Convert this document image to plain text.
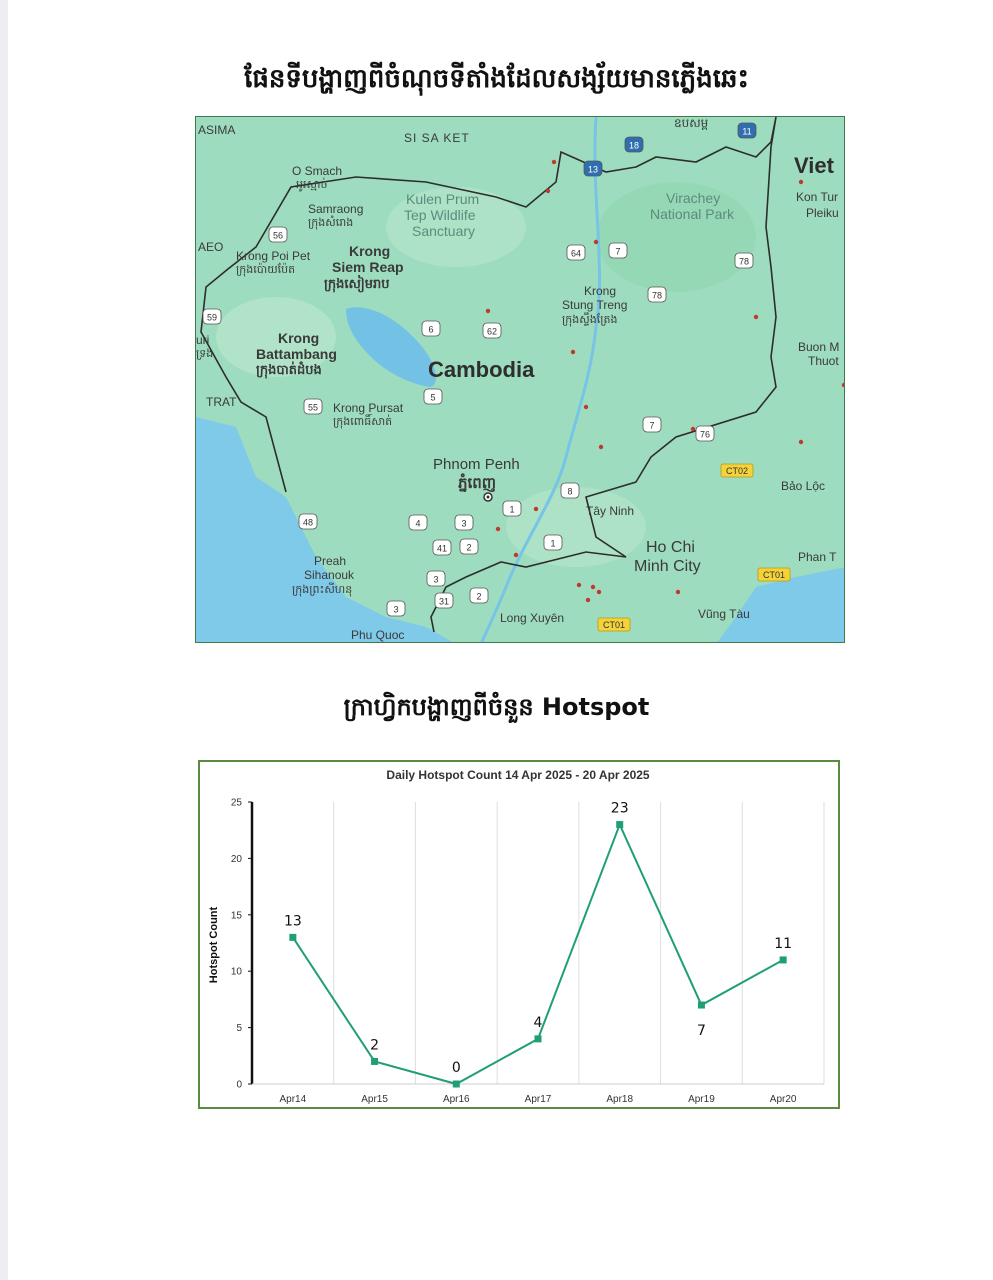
ផែនទីបង្ហាញពីចំណុចទីតាំងដែលសង្ស័យមានភ្លើងឆេះ
11
18
13
56
64	7
78
78
59
6	62
5
55
7
76
8
1
48	4	3
41 2	1
3
31	2
3
CT02
CT01
CT01
ឧបសម្ព
ASIMA
SI SA KET
O Smach
អូរស្មាច់
Samraong
ក្រុងសំរោង
Kulen Prum
Tep Wildlife
Sanctuary
AEO
Krong Poi Pet
ក្រុងប៉ោយប៉ែត
Krong
Siem Reap
ក្រុងសៀមរាប
uri
ទ្រង
Krong
Battambang
ក្រុងបាត់ដំបង	Cambodia
TRAT	Krong Pursat
ក្រុងពោធិ៍សាត់
Krong
Stung Treng
ក្រុងស្ទឹងត្រែង
Virachey
National Park
Viet
Kon Tur
Pleiku
Buon M
Thuot
Phnom Penh
ភ្នំពេញ	Bảo Lộc
Tây Ninh
Ho Chi
Minh City
Phan T
Preah
Sihanouk
ក្រុងព្រះសីហនុ
Vũng Tàu
Long Xuyên
Phu Quoc
ក្រាហ្វិកបង្ហាញពីចំនួន Hotspot
Daily Hotspot Count 14 Apr 2025 - 20 Apr 2025
Hotspot Count
0
5
10
15
20
25
Apr14	Apr15	Apr16	Apr17	Apr18	Apr19	Apr20
13
2
0
4
23
7
11
